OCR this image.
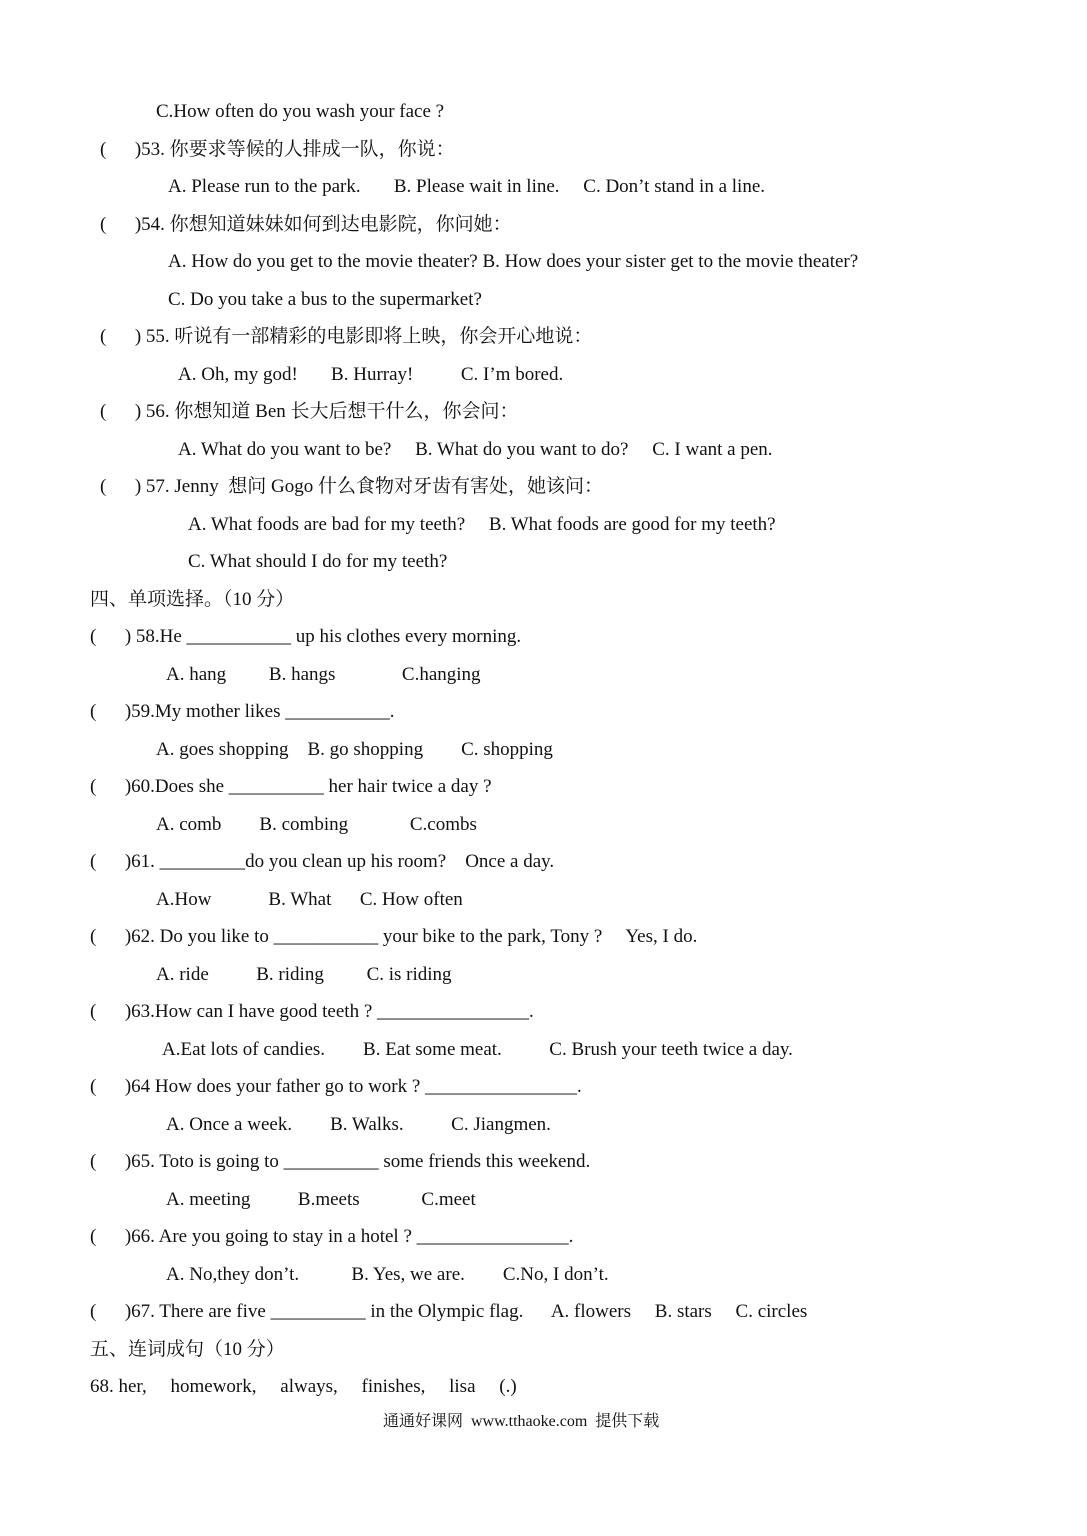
C.How often do you wash your face ?
(      )53. 你要求等候的人排成一队，你说：
A. Please run to the park.       B. Please wait in line.     C. Don’t stand in a line.
(      )54. 你想知道妹妹如何到达电影院，你问她：
A. How do you get to the movie theater? B. How does your sister get to the movie theater?
C. Do you take a bus to the supermarket?
(      ) 55. 听说有一部精彩的电影即将上映，你会开心地说：
A. Oh, my god!       B. Hurray!          C. I’m bored.
(      ) 56. 你想知道 Ben 长大后想干什么，你会问：
A. What do you want to be?     B. What do you want to do?     C. I want a pen.
(      ) 57. Jenny  想问 Gogo 什么食物对牙齿有害处，她该问：
A. What foods are bad for my teeth?     B. What foods are good for my teeth?
C. What should I do for my teeth?
四、单项选择。（10 分）
(      ) 58.He ___________ up his clothes every morning.
A. hang         B. hangs              C.hanging
(      )59.My mother likes ___________.
A. goes shopping    B. go shopping        C. shopping
(      )60.Does she __________ her hair twice a day ?
A. comb        B. combing             C.combs
(      )61. _________do you clean up his room?    Once a day.
A.How            B. What      C. How often
(      )62. Do you like to ___________ your bike to the park, Tony ?     Yes, I do.
A. ride          B. riding         C. is riding
(      )63.How can I have good teeth ? ________________.
A.Eat lots of candies.        B. Eat some meat.          C. Brush your teeth twice a day.
(      )64 How does your father go to work ? ________________.
A. Once a week.        B. Walks.          C. Jiangmen.
(      )65. Toto is going to __________ some friends this weekend.
A. meeting          B.meets             C.meet
(      )66. Are you going to stay in a hotel ? ________________.
A. No,they don’t.           B. Yes, we are.        C.No, I don’t.
(      )67. There are five __________ in the Olympic flag.      A. flowers     B. stars     C. circles
五、连词成句（10 分）
68. her,     homework,     always,     finishes,     lisa     (.)
通通好课网  www.tthaoke.com  提供下载
